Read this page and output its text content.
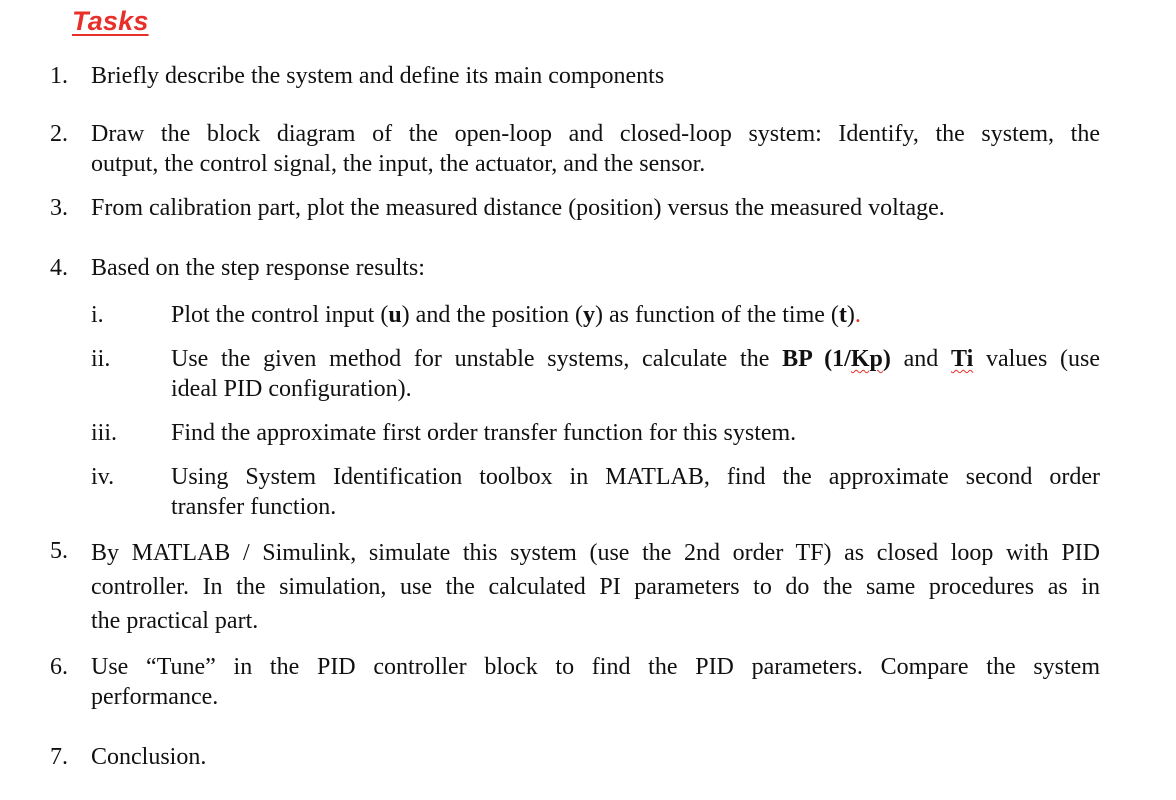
Tasks
1. Briefly describe the system and define its main components
2. Draw the block diagram of the open-loop and closed-loop system: Identify, the system, the
output, the control signal, the input, the actuator, and the sensor.
3. From calibration part, plot the measured distance (position) versus the measured voltage.
4. Based on the step response results:
i.	Plot the control input (u) and the position (y) as function of the time (t).
ii.	Use the given method for unstable systems, calculate the BP (1/Kp) and Ti values (use
ideal PID configuration).
iii. Find the approximate first order transfer function for this system.
iv. Using System Identification toolbox in MATLAB, find the approximate second order
transfer function.
5. By MATLAB / Simulink, simulate this system (use the 2nd order TF) as closed loop with PID
controller. In the simulation, use the calculated PI parameters to do the same procedures as in
the practical part.
6. Use “Tune” in the PID controller block to find the PID parameters. Compare the system
performance.
7. Conclusion.
